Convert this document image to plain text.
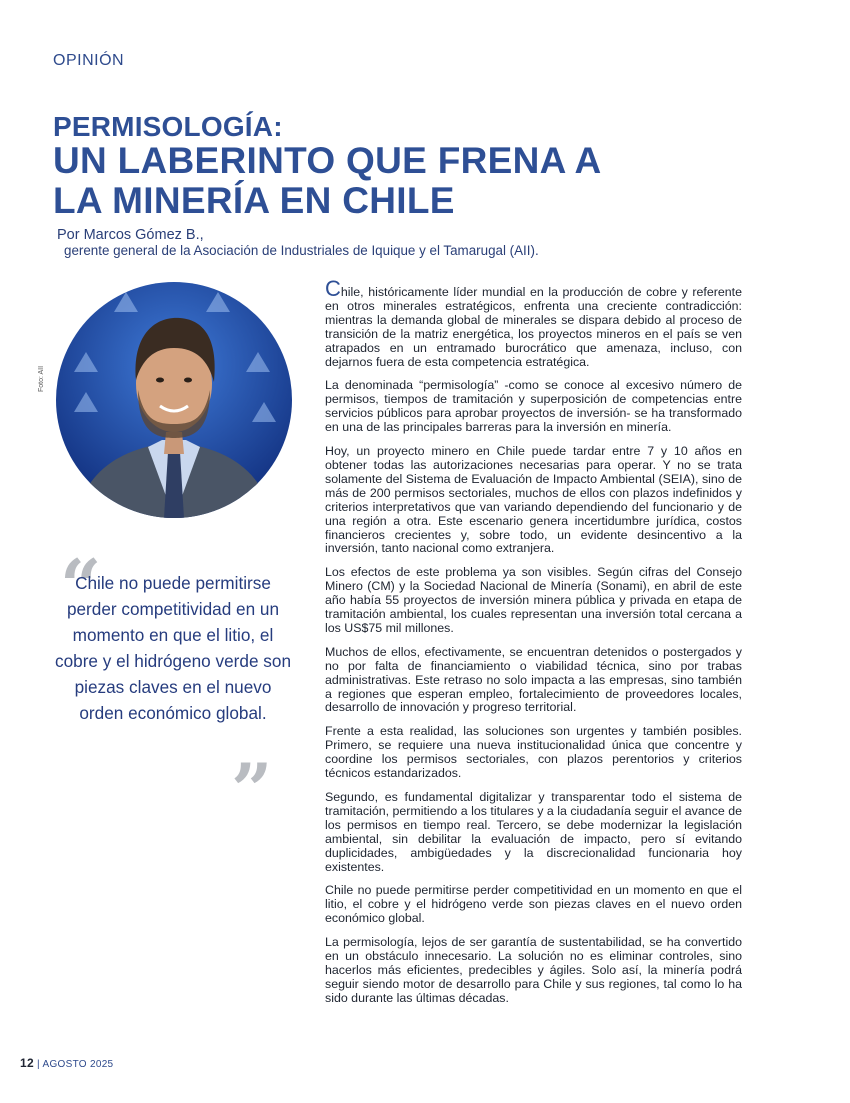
OPINIÓN
PERMISOLOGÍA:
UN LABERINTO QUE FRENA A LA MINERÍA EN CHILE
Por Marcos Gómez B.,
gerente general de la Asociación de Industriales de Iquique y el Tamarugal (AII).
Foto: AII
“
Chile no puede permitirse perder competitividad en un momento en que el litio, el cobre y el hidrógeno verde son piezas claves en el nuevo orden económico global.
”

Chile, históricamente líder mundial en la producción de cobre y referente en otros minerales estratégicos, enfrenta una creciente contradicción: mientras la demanda global de minerales se dispara debido al proceso de transición de la matriz energética, los proyectos mineros en el país se ven atrapados en un entramado burocrático que amenaza, incluso, con dejarnos fuera de esta competencia estratégica.

La denominada “permisología” -como se conoce al excesivo número de permisos, tiempos de tramitación y superposición de competencias entre servicios públicos para aprobar proyectos de inversión- se ha transformado en una de las principales barreras para la inversión en minería.

Hoy, un proyecto minero en Chile puede tardar entre 7 y 10 años en obtener todas las autorizaciones necesarias para operar. Y no se trata solamente del Sistema de Evaluación de Impacto Ambiental (SEIA), sino de más de 200 permisos sectoriales, muchos de ellos con plazos indefinidos y criterios interpretativos que van variando dependiendo del funcionario y de una región a otra. Este escenario genera incertidumbre jurídica, costos financieros crecientes y, sobre todo, un evidente desincentivo a la inversión, tanto nacional como extranjera.

Los efectos de este problema ya son visibles. Según cifras del Consejo Minero (CM) y la Sociedad Nacional de Minería (Sonami), en abril de este año había 55 proyectos de inversión minera pública y privada en etapa de tramitación ambiental, los cuales representan una inversión total cercana a los US$75 mil millones.

Muchos de ellos, efectivamente, se encuentran detenidos o postergados y no por falta de financiamiento o viabilidad técnica, sino por trabas administrativas. Este retraso no solo impacta a las empresas, sino también a regiones que esperan empleo, fortalecimiento de proveedores locales, desarrollo de innovación y progreso territorial.

Frente a esta realidad, las soluciones son urgentes y también posibles. Primero, se requiere una nueva institucionalidad única que concentre y coordine los permisos sectoriales, con plazos perentorios y criterios técnicos estandarizados.

Segundo, es fundamental digitalizar y transparentar todo el sistema de tramitación, permitiendo a los titulares y a la ciudadanía seguir el avance de los permisos en tiempo real. Tercero, se debe modernizar la legislación ambiental, sin debilitar la evaluación de impacto, pero sí evitando duplicidades, ambigüedades y la discrecionalidad funcionaria hoy existentes.

Chile no puede permitirse perder competitividad en un momento en que el litio, el cobre y el hidrógeno verde son piezas claves en el nuevo orden económico global.

La permisología, lejos de ser garantía de sustentabilidad, se ha convertido en un obstáculo innecesario. La solución no es eliminar controles, sino hacerlos más eficientes, predecibles y ágiles. Solo así, la minería podrá seguir siendo motor de desarrollo para Chile y sus regiones, tal como lo ha sido durante las últimas décadas.

12 | AGOSTO 2025
